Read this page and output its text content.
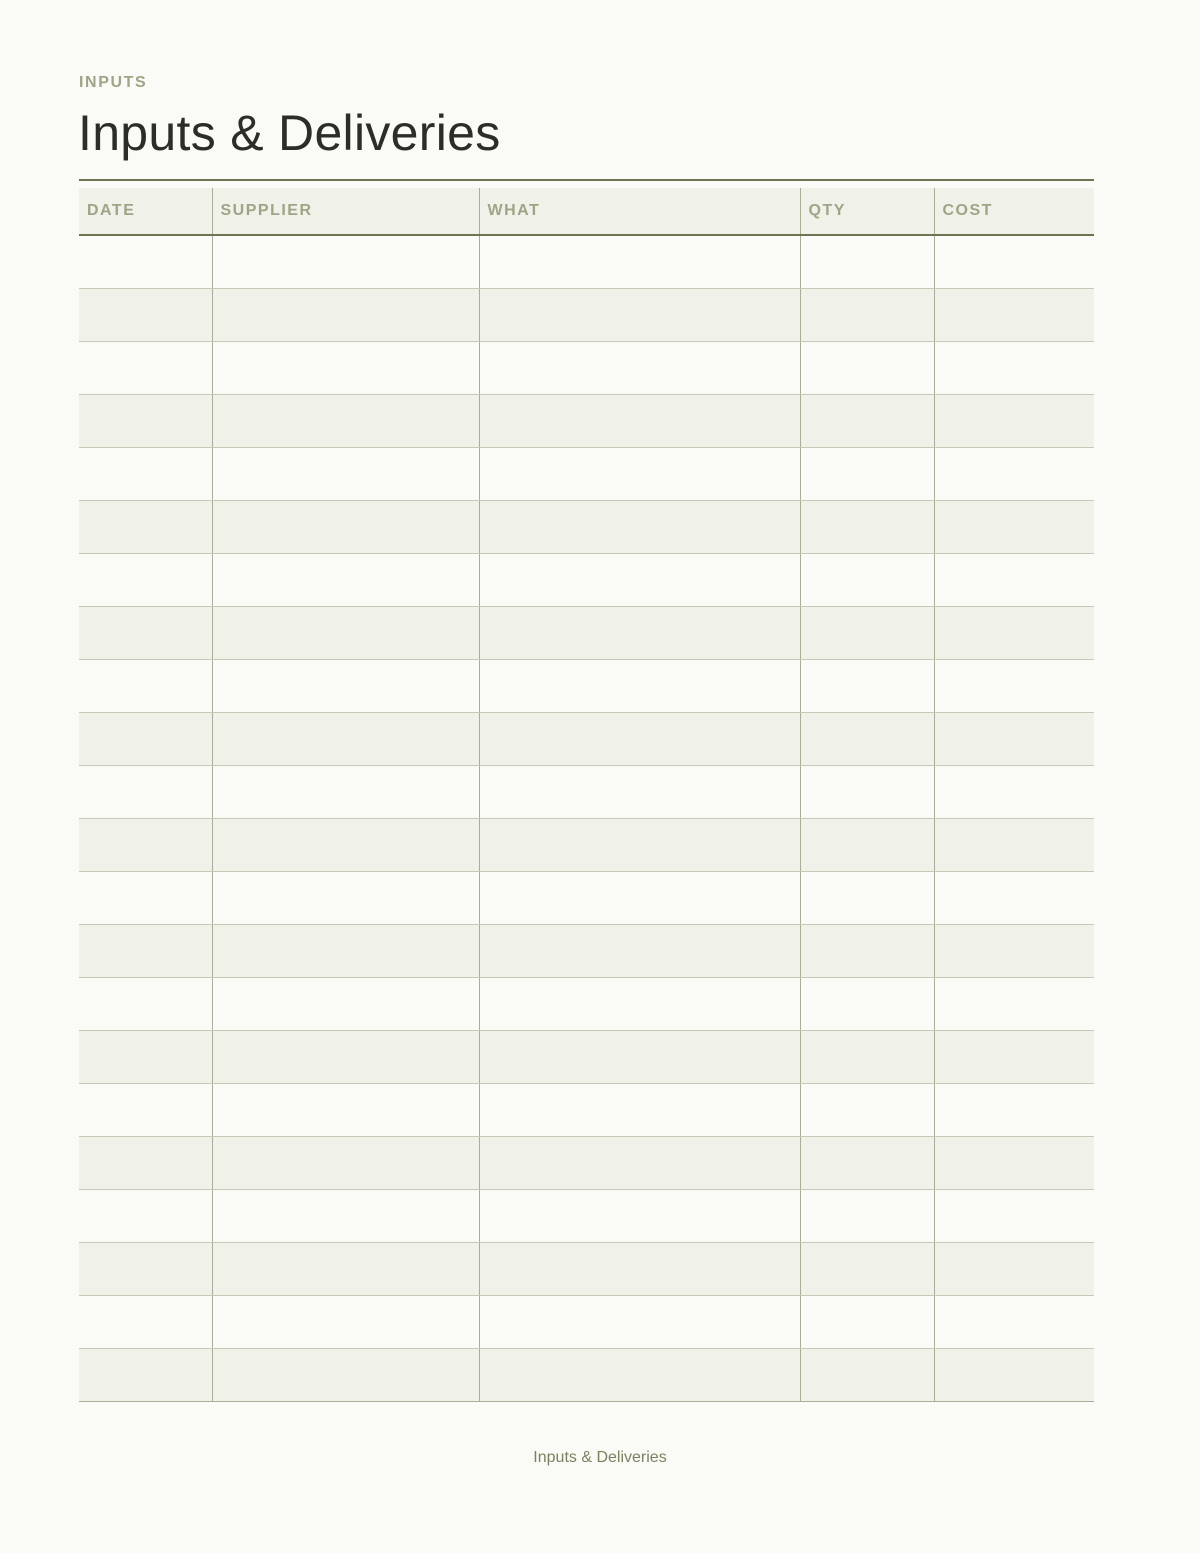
INPUTS
Inputs & Deliveries
DATE	SUPPLIER	WHAT	QTY	COST

Inputs & Deliveries
